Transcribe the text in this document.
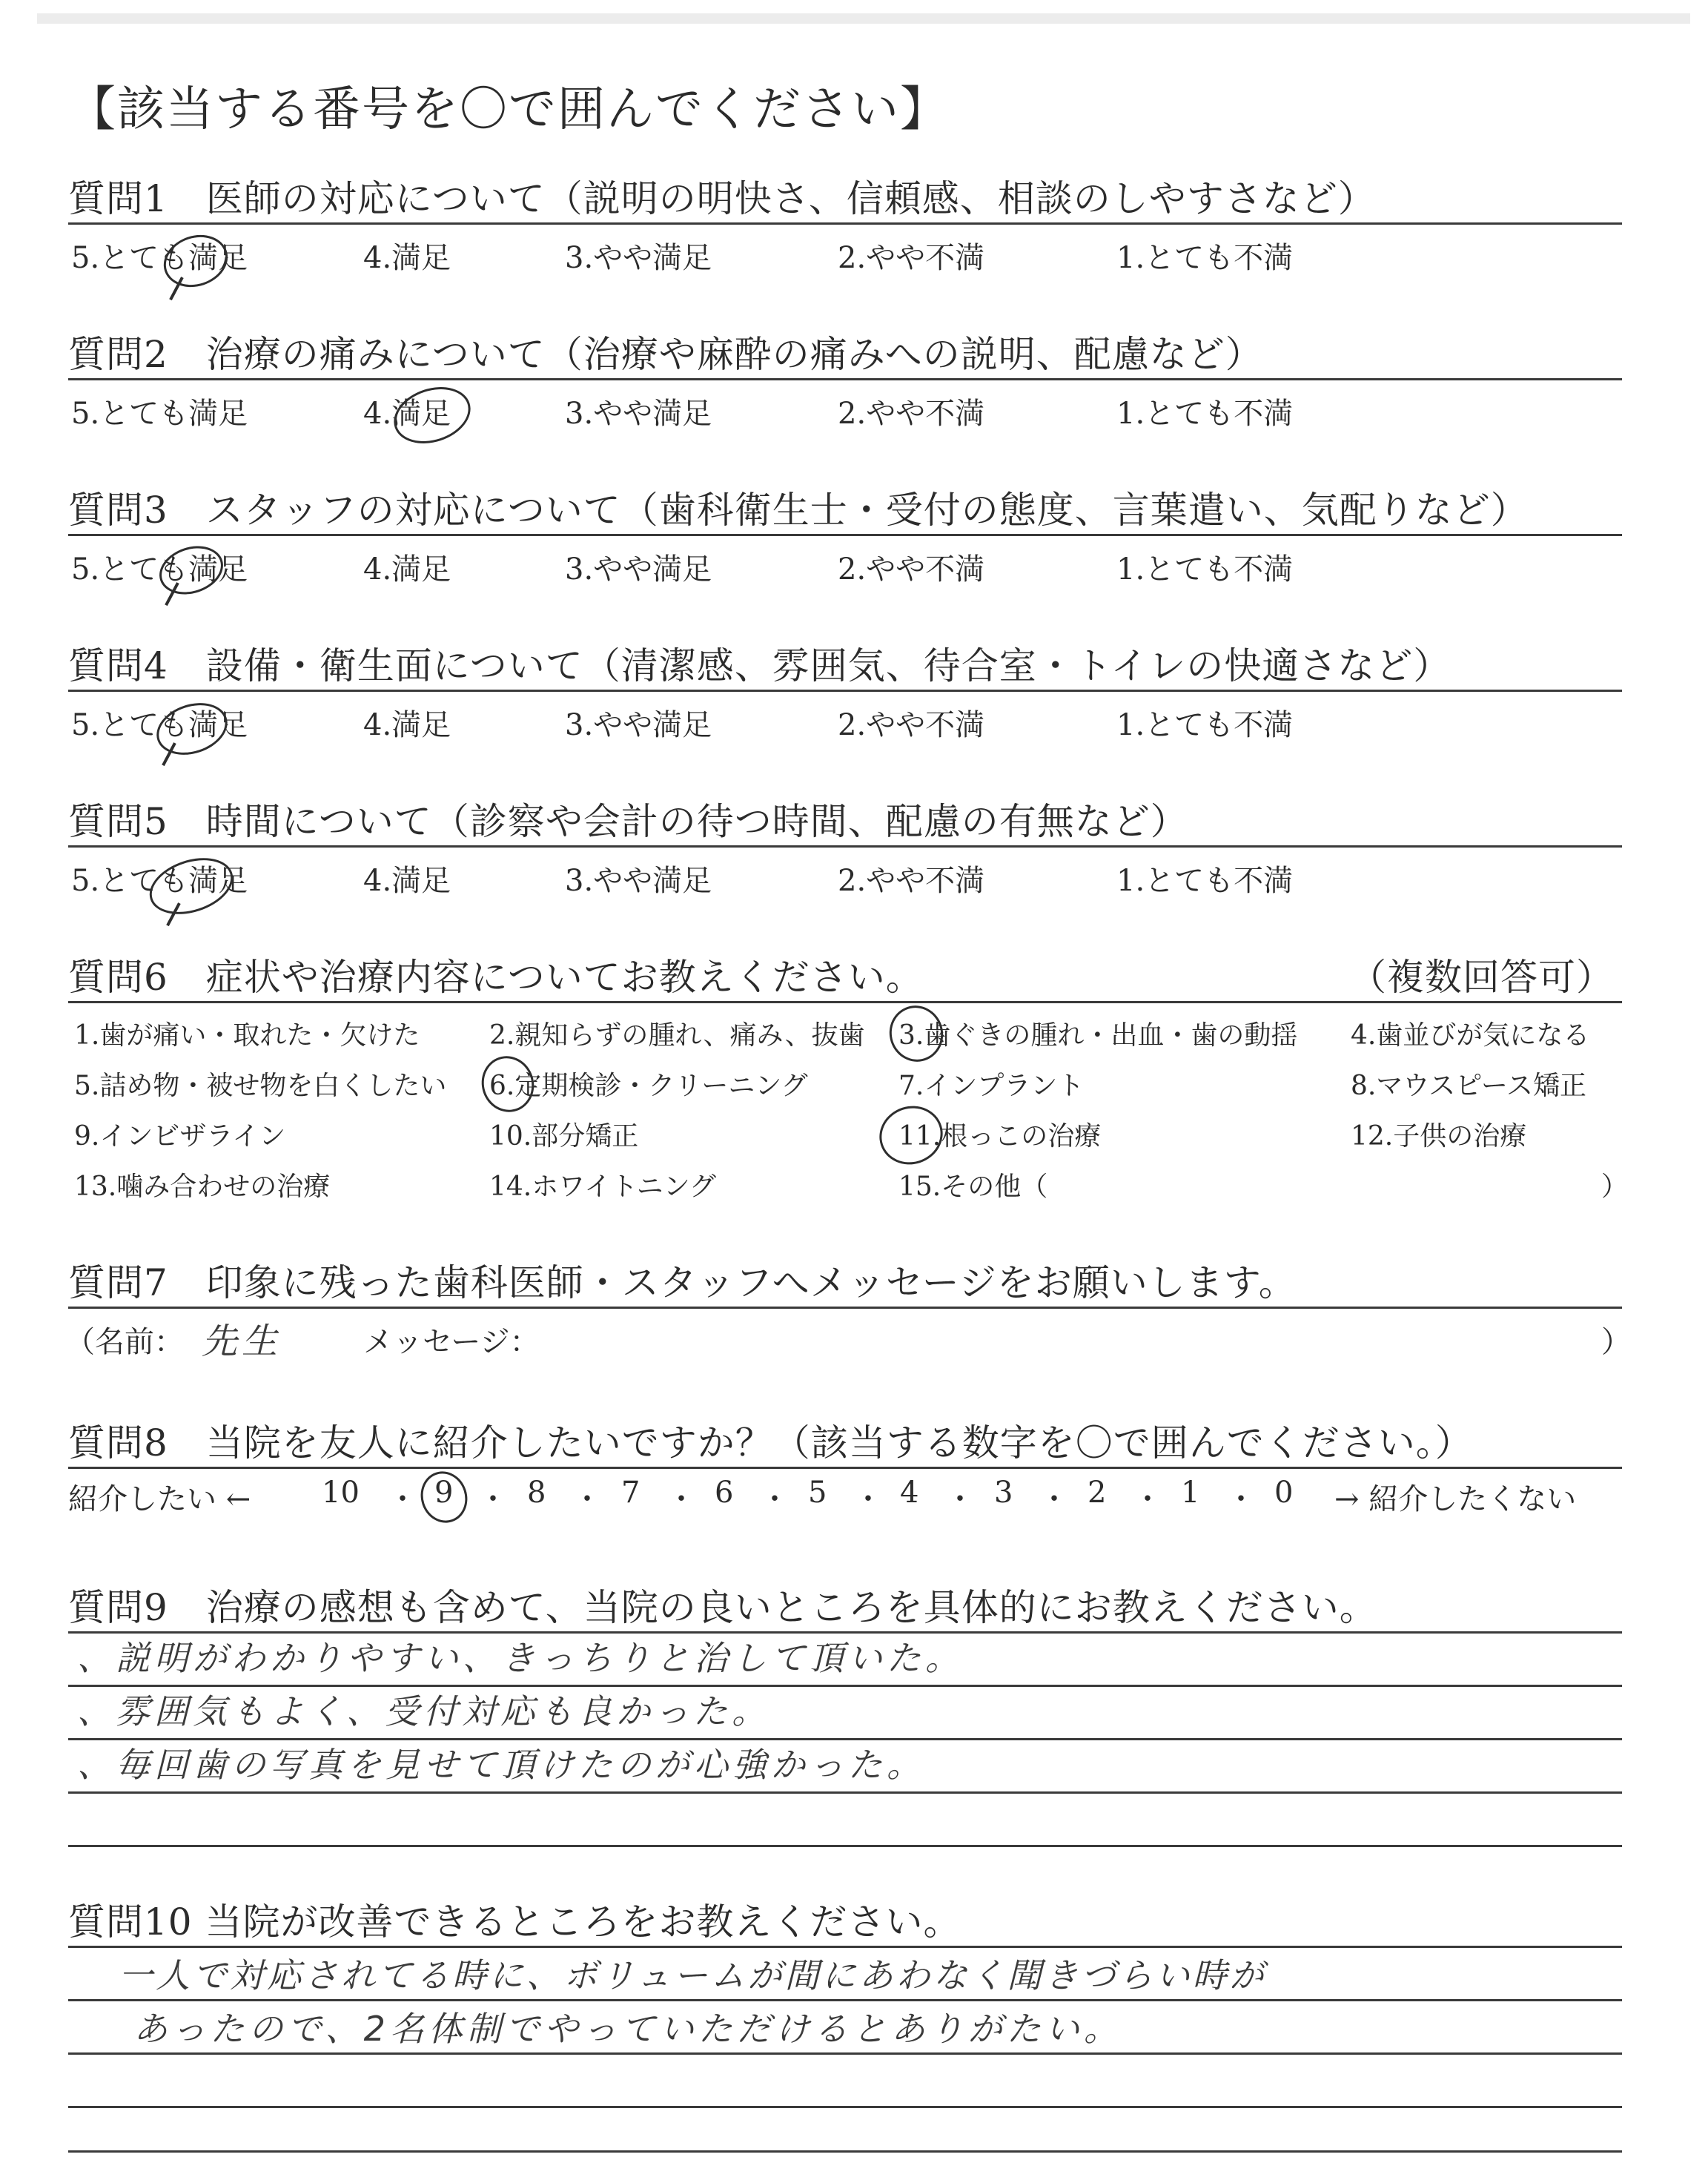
【該当する番号を〇で囲んでください】
質問1　医師の対応について（説明の明快さ、信頼感、相談のしやすさなど）
5.とても満足	4.満足	3.やや満足	2.やや不満	1.とても不満
質問2　治療の痛みについて（治療や麻酔の痛みへの説明、配慮など）
5.とても満足	4.満足	3.やや満足	2.やや不満	1.とても不満
質問3　スタッフの対応について（歯科衛生士・受付の態度、言葉遣い、気配りなど）
5.とても満足	4.満足	3.やや満足	2.やや不満	1.とても不満
質問4　設備・衛生面について（清潔感、雰囲気、待合室・トイレの快適さなど）
5.とても満足	4.満足	3.やや満足	2.やや不満	1.とても不満
質問5　時間について（診察や会計の待つ時間、配慮の有無など）
5.とても満足	4.満足	3.やや満足	2.やや不満	1.とても不満
質問6　症状や治療内容についてお教えください。	（複数回答可）
1.歯が痛い・取れた・欠けた	2.親知らずの腫れ、痛み、抜歯 3.歯ぐきの腫れ・出血・歯の動揺 4.歯並びが気になる
5.詰め物・被せ物を白くしたい 6.定期検診・クリーニング	7.インプラント	8.マウスピース矯正
9.インビザライン	10.部分矯正	11.根っこの治療	12.子供の治療
13.噛み合わせの治療	14.ホワイトニング	15.その他（	）
質問7　印象に残った歯科医師・スタッフへメッセージをお願いします。
（名前： 先生	メッセージ：	）
質問8　当院を友人に紹介したいですか？（該当する数字を〇で囲んでください。）
紹介したい ← 10 ・ 9 ・ 8 ・ 7 ・ 6 ・ 5 ・ 4 ・ 3 ・ 2 ・ 1 ・ 0 → 紹介したくない
質問9　治療の感想も含めて、当院の良いところを具体的にお教えください。
、説明がわかりやすい、きっちりと治して頂いた。
、雰囲気もよく、受付対応も良かった。
、毎回歯の写真を見せて頂けたのが心強かった。
質問10 当院が改善できるところをお教えください。
一人で対応されてる時に、ボリュームが間にあわなく聞きづらい時が
あったので、2名体制でやっていただけるとありがたい。
